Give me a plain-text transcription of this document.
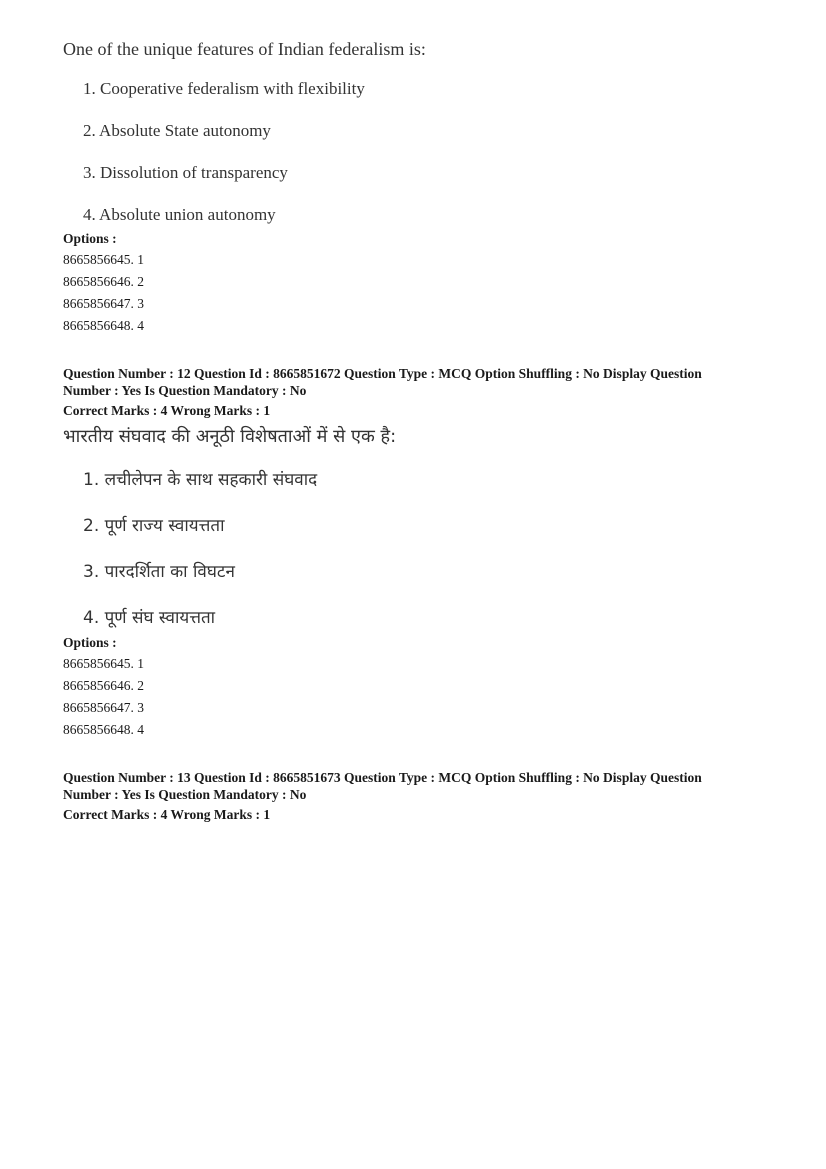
One of the unique features of Indian federalism is:

1. Cooperative federalism with flexibility

2. Absolute State autonomy

3. Dissolution of transparency

4. Absolute union autonomy

Options :

8665856645. 1

8665856646. 2

8665856647. 3

8665856648. 4

Question Number : 12 Question Id : 8665851672 Question Type : MCQ Option Shuffling : No Display Question

Number : Yes Is Question Mandatory : No

Correct Marks : 4 Wrong Marks : 1

भारतीय संघवाद की अनूठी विशेषताओं में से एक है:

1. लचीलेपन के साथ सहकारी संघवाद

2. पूर्ण राज्य स्वायत्तता

3. पारदर्शिता का विघटन

4. पूर्ण संघ स्वायत्तता

Options :

8665856645. 1

8665856646. 2

8665856647. 3

8665856648. 4

Question Number : 13 Question Id : 8665851673 Question Type : MCQ Option Shuffling : No Display Question

Number : Yes Is Question Mandatory : No

Correct Marks : 4 Wrong Marks : 1
